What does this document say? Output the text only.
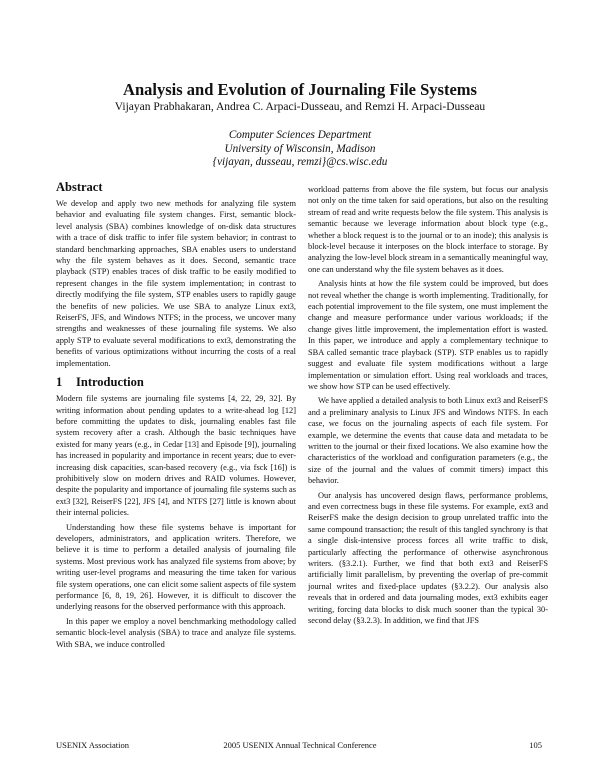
Analysis and Evolution of Journaling File Systems
Vijayan Prabhakaran, Andrea C. Arpaci-Dusseau, and Remzi H. Arpaci-Dusseau
Computer Sciences Department
University of Wisconsin, Madison
{vijayan, dusseau, remzi}@cs.wisc.edu
Abstract

We develop and apply two new methods for analyzing file system behavior and evaluating file system changes. First, semantic block-level analysis (SBA) combines knowledge of on-disk data structures with a trace of disk traffic to infer file system behavior; in contrast to standard benchmarking approaches, SBA enables users to understand why the file system behaves as it does. Second, semantic trace playback (STP) enables traces of disk traffic to be easily modified to represent changes in the file system implementation; in contrast to directly modifying the file system, STP enables users to rapidly gauge the benefits of new policies. We use SBA to analyze Linux ext3, ReiserFS, JFS, and Windows NTFS; in the process, we uncover many strengths and weaknesses of these journaling file systems. We also apply STP to evaluate several modifications to ext3, demonstrating the benefits of various optimizations without incurring the costs of a real implementation.

1 Introduction

Modern file systems are journaling file systems [4, 22, 29, 32]. By writing information about pending updates to a write-ahead log [12] before committing the updates to disk, journaling enables fast file system recovery after a crash. Although the basic techniques have existed for many years (e.g., in Cedar [13] and Episode [9]), journaling has increased in popularity and importance in recent years; due to ever-increasing disk capacities, scan-based recovery (e.g., via fsck [16]) is prohibitively slow on modern drives and RAID volumes. However, despite the popularity and importance of journaling file systems such as ext3 [32], ReiserFS [22], JFS [4], and NTFS [27] little is known about their internal policies.

Understanding how these file systems behave is important for developers, administrators, and application writers. Therefore, we believe it is time to perform a detailed analysis of journaling file systems. Most previous work has analyzed file systems from above; by writing user-level programs and measuring the time taken for various file system operations, one can elicit some salient aspects of file system performance [6, 8, 19, 26]. However, it is difficult to discover the underlying reasons for the observed performance with this approach.

In this paper we employ a novel benchmarking methodology called semantic block-level analysis (SBA) to trace and analyze file systems. With SBA, we induce controlled

workload patterns from above the file system, but focus our analysis not only on the time taken for said operations, but also on the resulting stream of read and write requests below the file system. This analysis is semantic because we leverage information about block type (e.g., whether a block request is to the journal or to an inode); this analysis is block-level because it interposes on the block interface to storage. By analyzing the low-level block stream in a semantically meaningful way, one can understand why the file system behaves as it does.

Analysis hints at how the file system could be improved, but does not reveal whether the change is worth implementing. Traditionally, for each potential improvement to the file system, one must implement the change and measure performance under various workloads; if the change gives little improvement, the implementation effort is wasted. In this paper, we introduce and apply a complementary technique to SBA called semantic trace playback (STP). STP enables us to rapidly suggest and evaluate file system modifications without a large implementation or simulation effort. Using real workloads and traces, we show how STP can be used effectively.

We have applied a detailed analysis to both Linux ext3 and ReiserFS and a preliminary analysis to Linux JFS and Windows NTFS. In each case, we focus on the journaling aspects of each file system. For example, we determine the events that cause data and metadata to be written to the journal or their fixed locations. We also examine how the characteristics of the workload and configuration parameters (e.g., the size of the journal and the values of commit timers) impact this behavior.

Our analysis has uncovered design flaws, performance problems, and even correctness bugs in these file systems. For example, ext3 and ReiserFS make the design decision to group unrelated traffic into the same compound transaction; the result of this tangled synchrony is that a single disk-intensive process forces all write traffic to disk, particularly affecting the performance of otherwise asynchronous writers. (§3.2.1). Further, we find that both ext3 and ReiserFS artificially limit parallelism, by preventing the overlap of pre-commit journal writes and fixed-place updates (§3.2.2). Our analysis also reveals that in ordered and data journaling modes, ext3 exhibits eager writing, forcing data blocks to disk much sooner than the typical 30-second delay (§3.2.3). In addition, we find that JFS

USENIX Association	2005 USENIX Annual Technical Conference	105
